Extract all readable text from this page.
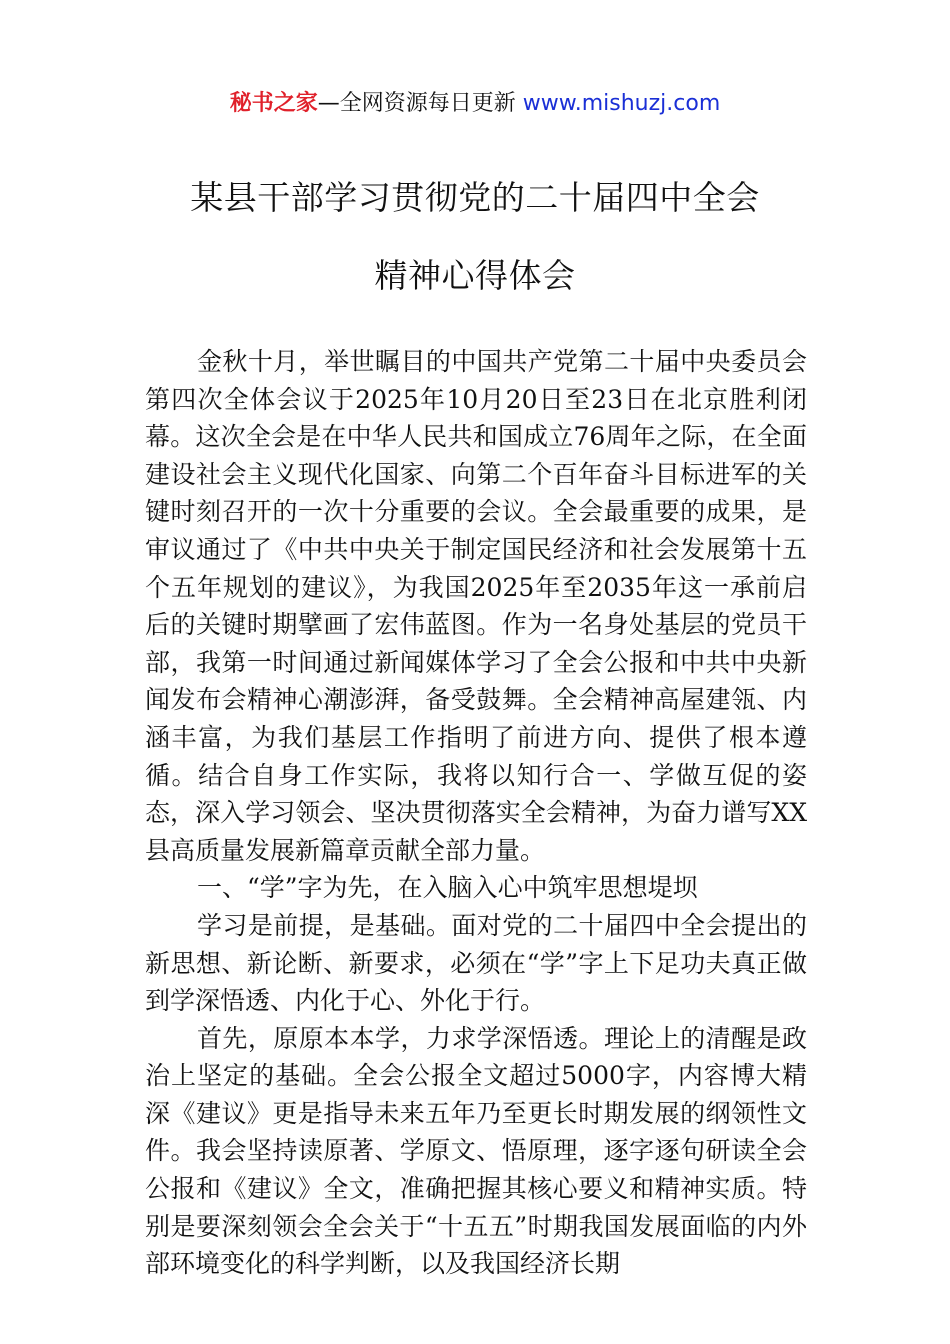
秘书之家—全网资源每日更新 www.mishuzj.com
某县干部学习贯彻党的二十届四中全会
精神心得体会

金秋十月，举世瞩目的中国共产党第二十届中央委员会第四次全体会议于2025年10月20日至23日在北京胜利闭幕。这次全会是在中华人民共和国成立76周年之际，在全面建设社会主义现代化国家、向第二个百年奋斗目标进军的关键时刻召开的一次十分重要的会议。全会最重要的成果，是审议通过了《中共中央关于制定国民经济和社会发展第十五个五年规划的建议》，为我国2025年至2035年这一承前启后的关键时期擘画了宏伟蓝图。作为一名身处基层的党员干部，我第一时间通过新闻媒体学习了全会公报和中共中央新闻发布会精神心潮澎湃，备受鼓舞。全会精神高屋建瓴、内涵丰富，为我们基层工作指明了前进方向、提供了根本遵循。结合自身工作实际，我将以知行合一、学做互促的姿态，深入学习领会、坚决贯彻落实全会精神，为奋力谱写XX县高质量发展新篇章贡献全部力量。

一、“学”字为先，在入脑入心中筑牢思想堤坝

学习是前提，是基础。面对党的二十届四中全会提出的新思想、新论断、新要求，必须在“学”字上下足功夫真正做到学深悟透、内化于心、外化于行。

首先，原原本本学，力求学深悟透。理论上的清醒是政治上坚定的基础。全会公报全文超过5000字，内容博大精深《建议》更是指导未来五年乃至更长时期发展的纲领性文件。我会坚持读原著、学原文、悟原理，逐字逐句研读全会公报和《建议》全文，准确把握其核心要义和精神实质。特别是要深刻领会全会关于“十五五”时期我国发展面临的内外部环境变化的科学判断，以及我国经济长期
